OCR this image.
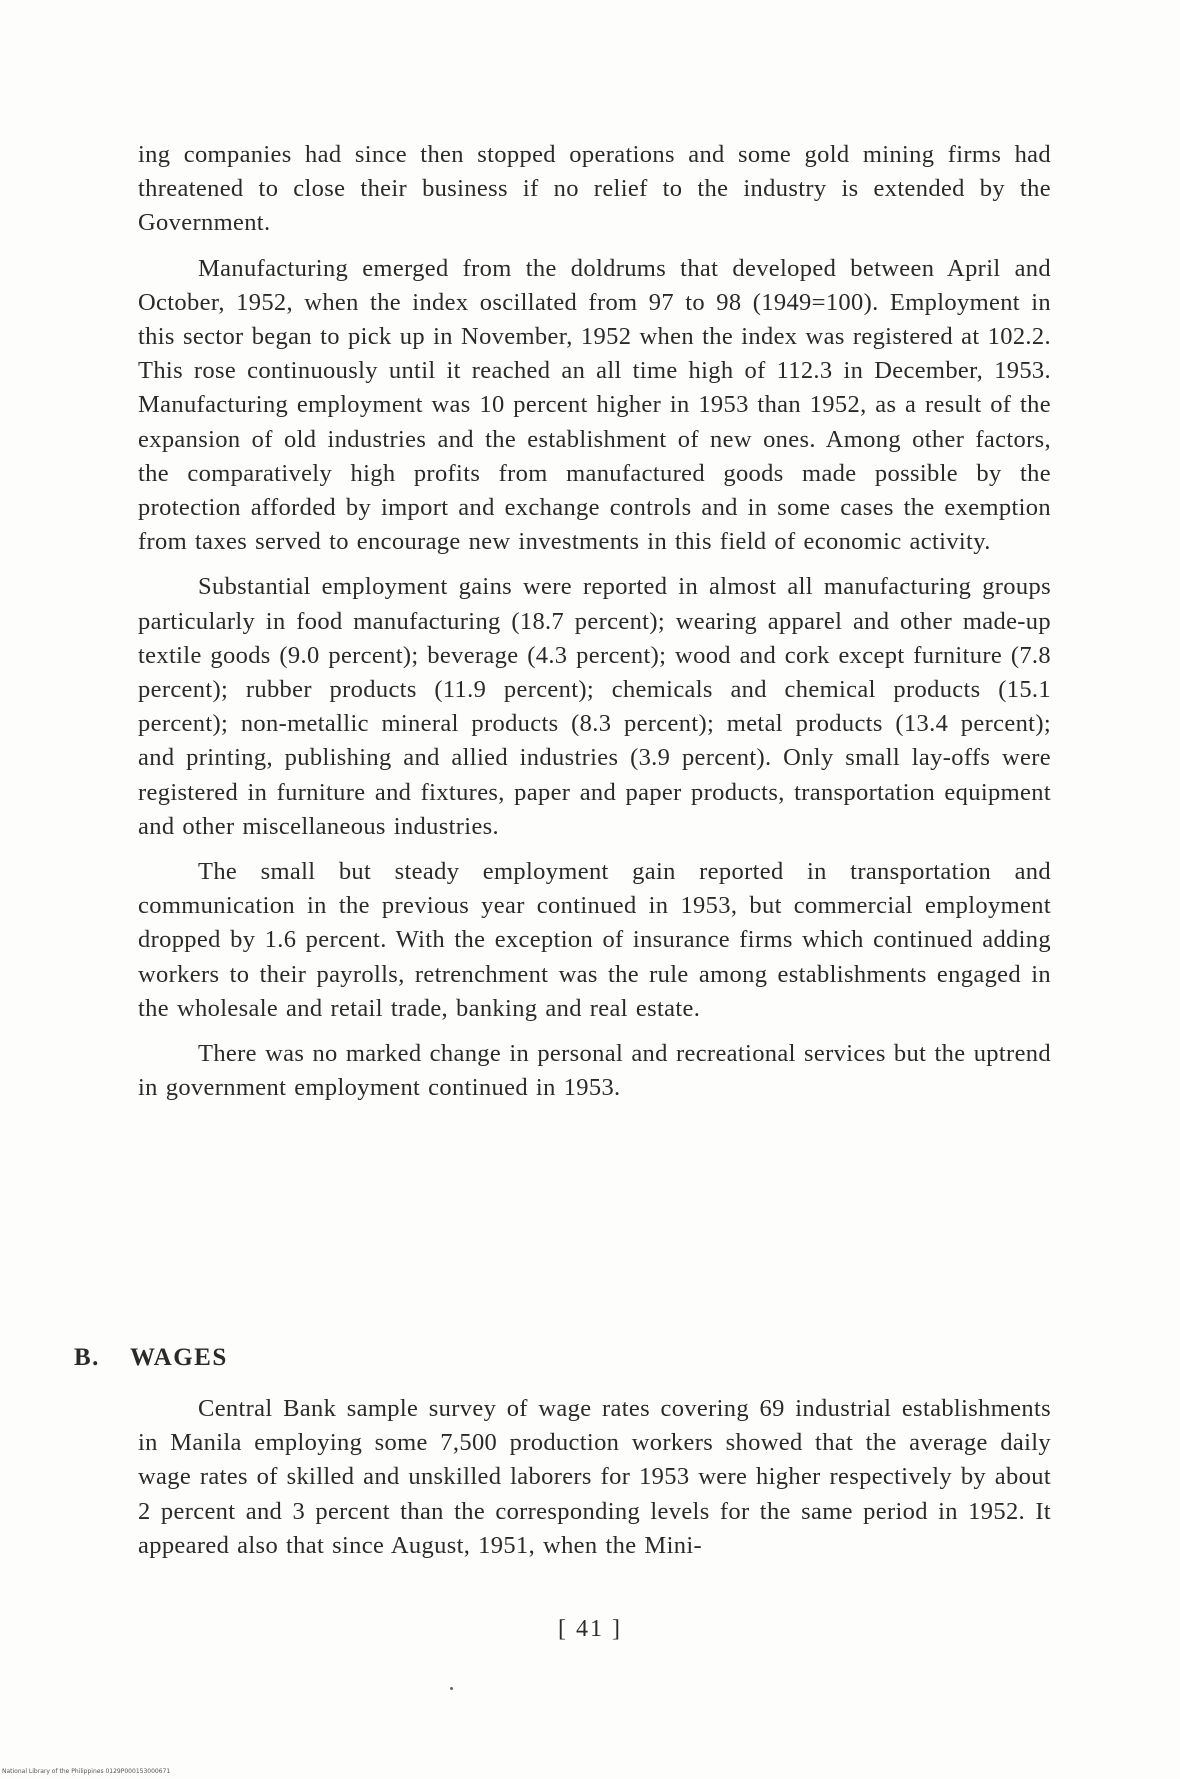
ing companies had since then stopped operations and some gold mining firms had threatened to close their business if no relief to the industry is extended by the Government.

Manufacturing emerged from the doldrums that developed between April and October, 1952, when the index oscillated from 97 to 98 (1949=100). Employment in this sector began to pick up in November, 1952 when the index was registered at 102.2. This rose continuously until it reached an all time high of 112.3 in December, 1953. Manufacturing employment was 10 percent higher in 1953 than 1952, as a result of the expansion of old industries and the establishment of new ones. Among other factors, the comparatively high profits from manufactured goods made possible by the protection afforded by import and exchange controls and in some cases the exemption from taxes served to encourage new investments in this field of economic activity.

Substantial employment gains were reported in almost all manufacturing groups particularly in food manufacturing (18.7 percent); wearing apparel and other made-up textile goods (9.0 percent); beverage (4.3 percent); wood and cork except furniture (7.8 percent); rubber products (11.9 percent); chemicals and chemical products (15.1 percent); non-metallic mineral products (8.3 percent); metal products (13.4 percent); and printing, publishing and allied industries (3.9 percent). Only small lay-offs were registered in furniture and fixtures, paper and paper products, transportation equipment and other miscellaneous industries.

The small but steady employment gain reported in transportation and communication in the previous year continued in 1953, but commercial employment dropped by 1.6 percent. With the exception of insurance firms which continued adding workers to their payrolls, retrenchment was the rule among establishments engaged in the wholesale and retail trade, banking and real estate.

There was no marked change in personal and recreational services but the uptrend in government employment continued in 1953.

B. WAGES

Central Bank sample survey of wage rates covering 69 industrial establishments in Manila employing some 7,500 production workers showed that the average daily wage rates of skilled and unskilled laborers for 1953 were higher respectively by about 2 percent and 3 percent than the corresponding levels for the same period in 1952. It appeared also that since August, 1951, when the Mini-

[ 41 ]
National Library of the Philippines 0129P000153000671
